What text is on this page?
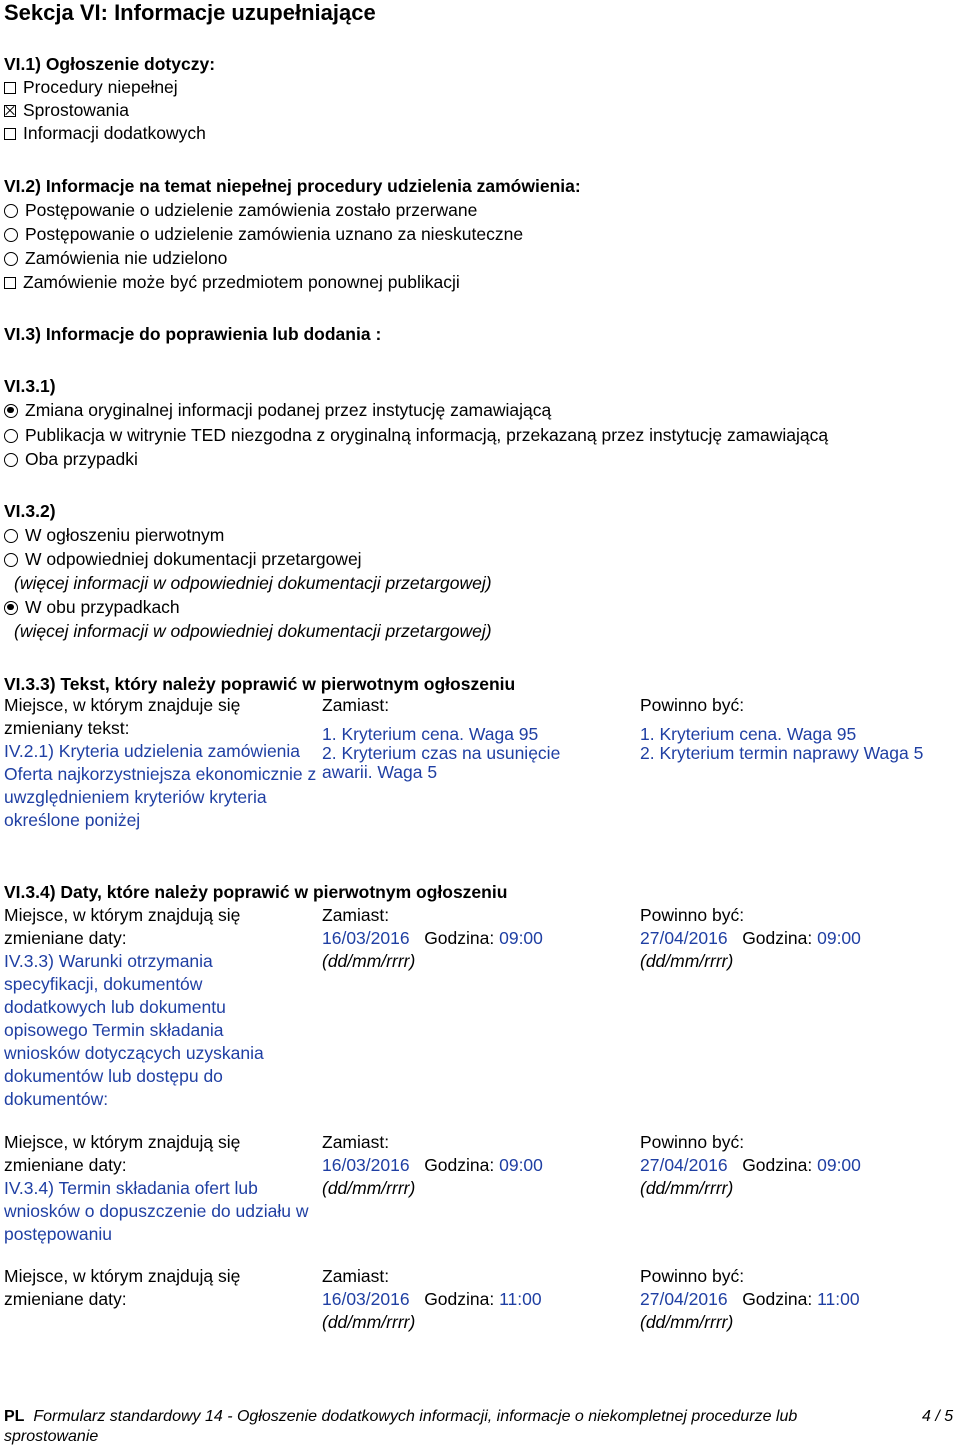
Sekcja VI: Informacje uzupełniające
VI.1) Ogłoszenie dotyczy:
Procedury niepełnej
Sprostowania
Informacji dodatkowych
VI.2) Informacje na temat niepełnej procedury udzielenia zamówienia:
Postępowanie o udzielenie zamówienia zostało przerwane
Postępowanie o udzielenie zamówienia uznano za nieskuteczne
Zamówienia nie udzielono
Zamówienie może być przedmiotem ponownej publikacji
VI.3) Informacje do poprawienia lub dodania :
VI.3.1)
Zmiana oryginalnej informacji podanej przez instytucję zamawiającą
Publikacja w witrynie TED niezgodna z oryginalną informacją, przekazaną przez instytucję zamawiającą
Oba przypadki
VI.3.2)
W ogłoszeniu pierwotnym
W odpowiedniej dokumentacji przetargowej
(więcej informacji w odpowiedniej dokumentacji przetargowej)
W obu przypadkach
(więcej informacji w odpowiedniej dokumentacji przetargowej)
VI.3.3) Tekst, który należy poprawić w pierwotnym ogłoszeniu
Miejsce, w którym znajduje się zmieniany tekst:
IV.2.1) Kryteria udzielenia zamówienia Oferta najkorzystniejsza ekonomicznie z uwzględnieniem kryteriów kryteria określone poniżej
Zamiast:
1. Kryterium cena. Waga 95
2. Kryterium czas na usunięcie
awarii. Waga 5
Powinno być:
1. Kryterium cena. Waga 95
2. Kryterium termin naprawy Waga 5
VI.3.4) Daty, które należy poprawić w pierwotnym ogłoszeniu
Miejsce, w którym znajdują się zmieniane daty:
IV.3.3) Warunki otrzymania specyfikacji, dokumentów dodatkowych lub dokumentu opisowego Termin składania wniosków dotyczących uzyskania dokumentów lub dostępu do dokumentów:
Zamiast:
16/03/2016 Godzina: 09:00
(dd/mm/rrrr)
Powinno być:
27/04/2016 Godzina: 09:00
(dd/mm/rrrr)
Miejsce, w którym znajdują się zmieniane daty:
IV.3.4) Termin składania ofert lub wniosków o dopuszczenie do udziału w postępowaniu
Zamiast:
16/03/2016 Godzina: 09:00
(dd/mm/rrrr)
Powinno być:
27/04/2016 Godzina: 09:00
(dd/mm/rrrr)
Miejsce, w którym znajdują się zmieniane daty:
Zamiast:
16/03/2016 Godzina: 11:00
(dd/mm/rrrr)
Powinno być:
27/04/2016 Godzina: 11:00
(dd/mm/rrrr)
PL Formularz standardowy 14 - Ogłoszenie dodatkowych informacji, informacje o niekompletnej procedurze lub
sprostowanie
4 / 5
